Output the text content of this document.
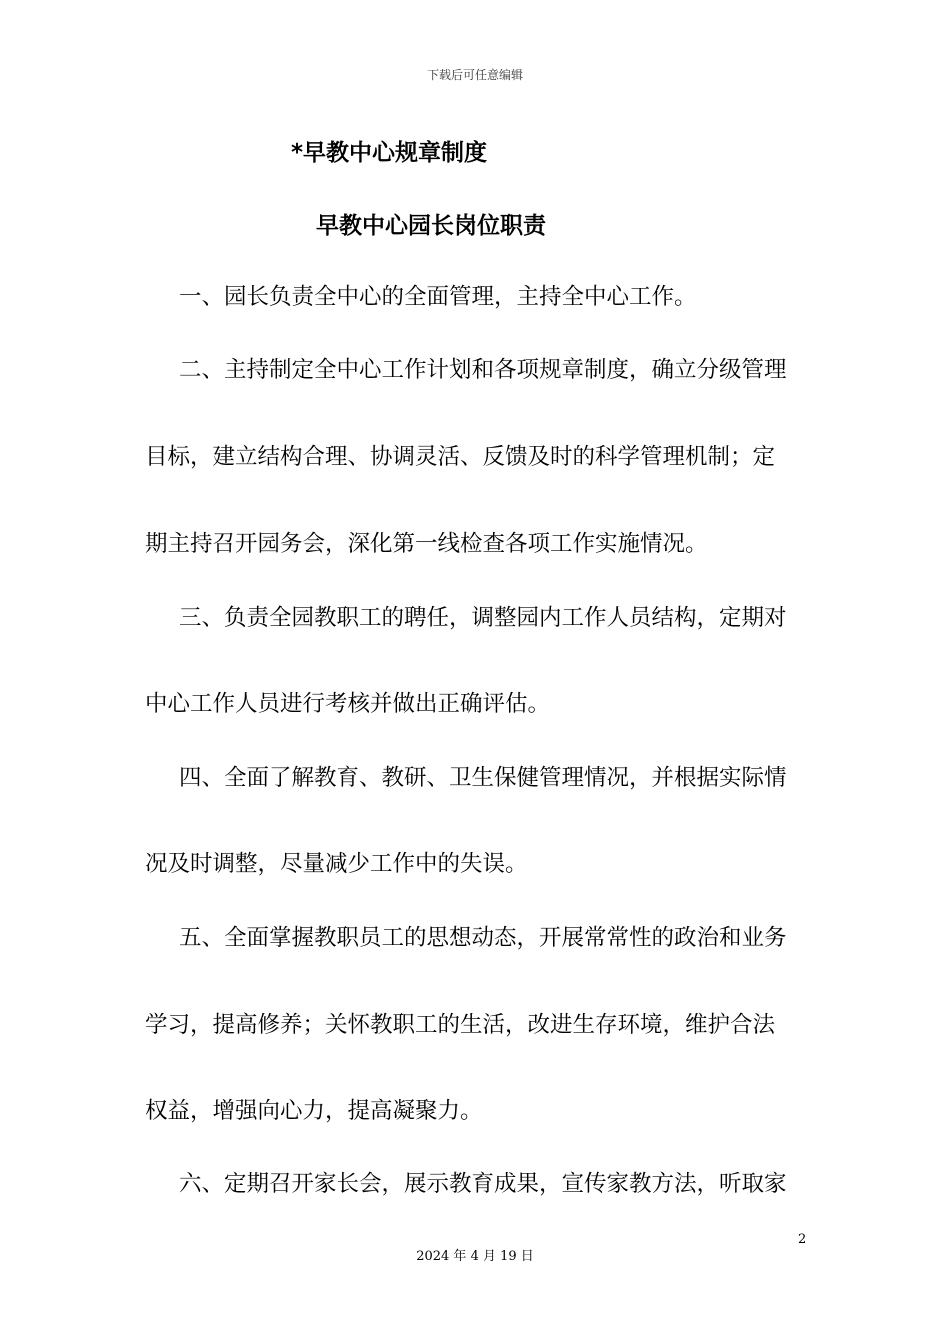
下载后可任意编辑
*早教中心规章制度
早教中心园长岗位职责
一、园长负责全中心的全面管理，主持全中心工作。
二、主持制定全中心工作计划和各项规章制度，确立分级管理
目标，建立结构合理、协调灵活、反馈及时的科学管理机制；定
期主持召开园务会，深化第一线检查各项工作实施情况。
三、负责全园教职工的聘任，调整园内工作人员结构，定期对
中心工作人员进行考核并做出正确评估。
四、全面了解教育、教研、卫生保健管理情况，并根据实际情
况及时调整，尽量减少工作中的失误。
五、全面掌握教职员工的思想动态，开展常常性的政治和业务
学习，提高修养；关怀教职工的生活，改进生存环境，维护合法
权益，增强向心力，提高凝聚力。
六、定期召开家长会，展示教育成果，宣传家教方法，听取家
2
2024 年 4 月 19 日
